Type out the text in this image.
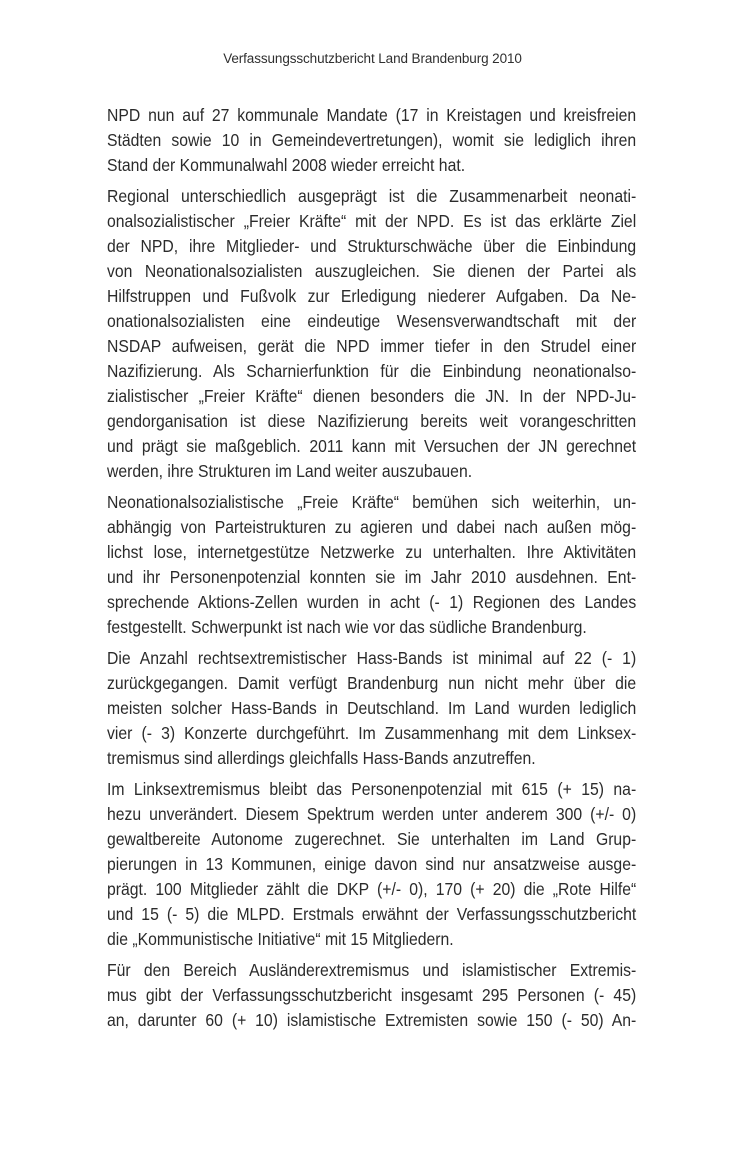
Verfassungsschutzbericht Land Brandenburg 2010
NPD nun auf 27 kommunale Mandate (17 in Kreistagen und kreisfreien
Städten sowie 10 in Gemeindevertretungen), womit sie lediglich ihren
Stand der Kommunalwahl 2008 wieder erreicht hat.
Regional unterschiedlich ausgeprägt ist die Zusammenarbeit neonati-
onalsozialistischer „Freier Kräfte“ mit der NPD. Es ist das erklärte Ziel
der NPD, ihre Mitglieder- und Strukturschwäche über die Einbindung
von Neonationalsozialisten auszugleichen. Sie dienen der Partei als
Hilfstruppen und Fußvolk zur Erledigung niederer Aufgaben. Da Ne-
onationalsozialisten eine eindeutige Wesensverwandtschaft mit der
NSDAP aufweisen, gerät die NPD immer tiefer in den Strudel einer
Nazifizierung. Als Scharnierfunktion für die Einbindung neonationalso-
zialistischer „Freier Kräfte“ dienen besonders die JN. In der NPD-Ju-
gendorganisation ist diese Nazifizierung bereits weit vorangeschritten
und prägt sie maßgeblich. 2011 kann mit Versuchen der JN gerechnet
werden, ihre Strukturen im Land weiter auszubauen.
Neonationalsozialistische „Freie Kräfte“ bemühen sich weiterhin, un-
abhängig von Parteistrukturen zu agieren und dabei nach außen mög-
lichst lose, internetgestütze Netzwerke zu unterhalten. Ihre Aktivitäten
und ihr Personenpotenzial konnten sie im Jahr 2010 ausdehnen. Ent-
sprechende Aktions-Zellen wurden in acht (- 1) Regionen des Landes
festgestellt. Schwerpunkt ist nach wie vor das südliche Brandenburg.
Die Anzahl rechtsextremistischer Hass-Bands ist minimal auf 22 (- 1)
zurückgegangen. Damit verfügt Brandenburg nun nicht mehr über die
meisten solcher Hass-Bands in Deutschland. Im Land wurden lediglich
vier (- 3) Konzerte durchgeführt. Im Zusammenhang mit dem Linksex-
tremismus sind allerdings gleichfalls Hass-Bands anzutreffen.
Im Linksextremismus bleibt das Personenpotenzial mit 615 (+ 15) na-
hezu unverändert. Diesem Spektrum werden unter anderem 300 (+/- 0)
gewaltbereite Autonome zugerechnet. Sie unterhalten im Land Grup-
pierungen in 13 Kommunen, einige davon sind nur ansatzweise ausge-
prägt. 100 Mitglieder zählt die DKP (+/- 0), 170 (+ 20) die „Rote Hilfe“
und 15 (- 5) die MLPD. Erstmals erwähnt der Verfassungsschutzbericht
die „Kommunistische Initiative“ mit 15 Mitgliedern.
Für den Bereich Ausländerextremismus und islamistischer Extremis-
mus gibt der Verfassungsschutzbericht insgesamt 295 Personen (- 45)
an, darunter 60 (+ 10) islamistische Extremisten sowie 150 (- 50) An-
